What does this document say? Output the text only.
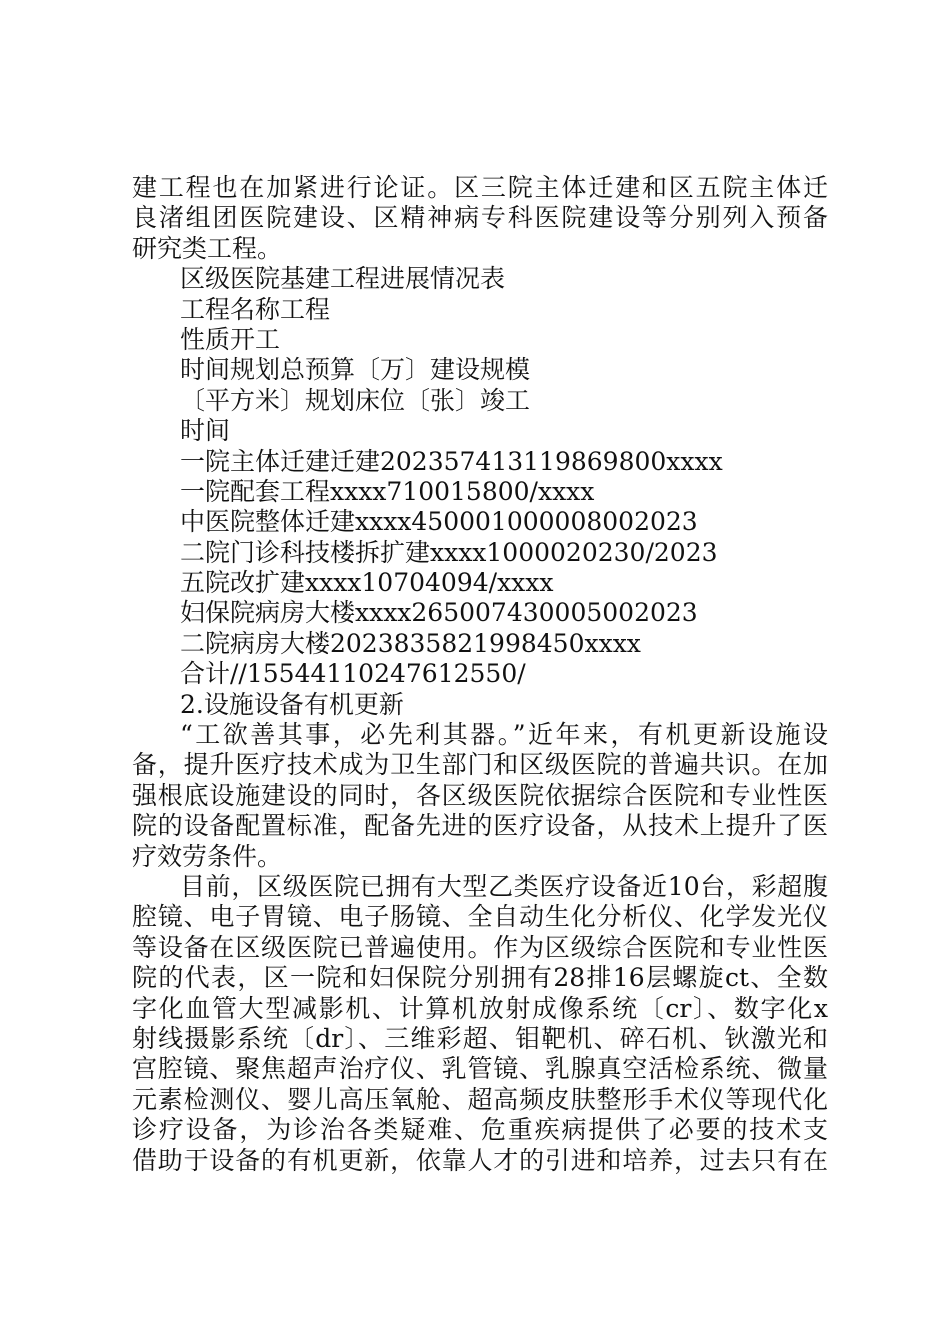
建工程也在加紧进行论证。区三院主体迁建和区五院主体迁
良渚组团医院建设、区精神病专科医院建设等分别列入预备
研究类工程。
区级医院基建工程进展情况表
工程名称工程
性质开工
时间规划总预算〔万〕建设规模
〔平方米〕规划床位〔张〕竣工
时间
一院主体迁建迁建202357413119869800xxxx
一院配套工程xxxx710015800/xxxx
中医院整体迁建xxxx450001000008002023
二院门诊科技楼拆扩建xxxx1000020230/2023
五院改扩建xxxx10704094/xxxx
妇保院病房大楼xxxx265007430005002023
二院病房大楼2023835821998450xxxx
合计//15544110247612550/
2.设施设备有机更新
“工欲善其事，必先利其器。”近年来，有机更新设施设
备，提升医疗技术成为卫生部门和区级医院的普遍共识。在加
强根底设施建设的同时，各区级医院依据综合医院和专业性医
院的设备配置标准，配备先进的医疗设备，从技术上提升了医
疗效劳条件。
目前，区级医院已拥有大型乙类医疗设备近10台，彩超腹
腔镜、电子胃镜、电子肠镜、全自动生化分析仪、化学发光仪
等设备在区级医院已普遍使用。作为区级综合医院和专业性医
院的代表，区一院和妇保院分别拥有28排16层螺旋ct、全数
字化血管大型减影机、计算机放射成像系统〔cr〕、数字化x
射线摄影系统〔dr〕、三维彩超、钼靶机、碎石机、钬激光和
宫腔镜、聚焦超声治疗仪、乳管镜、乳腺真空活检系统、微量
元素检测仪、婴儿高压氧舱、超高频皮肤整形手术仪等现代化
诊疗设备，为诊治各类疑难、危重疾病提供了必要的技术支
借助于设备的有机更新，依靠人才的引进和培养，过去只有在
